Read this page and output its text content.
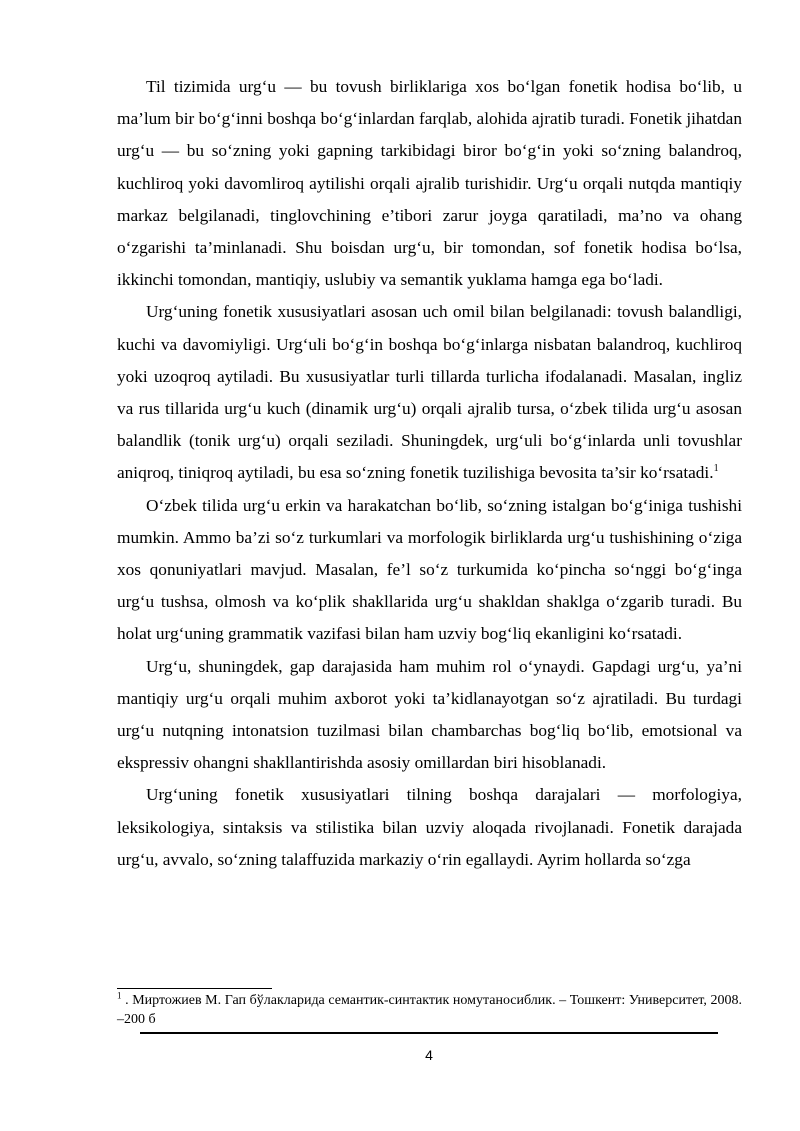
Til tizimida urg‘u — bu tovush birliklariga xos bo‘lgan fonetik hodisa bo‘lib, u ma’lum bir bo‘g‘inni boshqa bo‘g‘inlardan farqlab, alohida ajratib turadi. Fonetik jihatdan urg‘u — bu so‘zning yoki gapning tarkibidagi biror bo‘g‘in yoki so‘zning balandroq, kuchliroq yoki davomliroq aytilishi orqali ajralib turishidir. Urg‘u orqali nutqda mantiqiy markaz belgilanadi, tinglovchining e’tibori zarur joyga qaratiladi, ma’no va ohang o‘zgarishi ta’minlanadi. Shu boisdan urg‘u, bir tomondan, sof fonetik hodisa bo‘lsa, ikkinchi tomondan, mantiqiy, uslubiy va semantik yuklama hamga ega bo‘ladi.

Urg‘uning fonetik xususiyatlari asosan uch omil bilan belgilanadi: tovush balandligi, kuchi va davomiyligi. Urg‘uli bo‘g‘in boshqa bo‘g‘inlarga nisbatan balandroq, kuchliroq yoki uzoqroq aytiladi. Bu xususiyatlar turli tillarda turlicha ifodalanadi. Masalan, ingliz va rus tillarida urg‘u kuch (dinamik urg‘u) orqali ajralib tursa, o‘zbek tilida urg‘u asosan balandlik (tonik urg‘u) orqali seziladi. Shuningdek, urg‘uli bo‘g‘inlarda unli tovushlar aniqroq, tiniqroq aytiladi, bu esa so‘zning fonetik tuzilishiga bevosita ta’sir ko‘rsatadi.$^1$

O‘zbek tilida urg‘u erkin va harakatchan bo‘lib, so‘zning istalgan bo‘g‘iniga tushishi mumkin. Ammo ba’zi so‘z turkumlari va morfologik birliklarda urg‘u tushishining o‘ziga xos qonuniyatlari mavjud. Masalan, fe’l so‘z turkumida ko‘pincha so‘nggi bo‘g‘inga urg‘u tushsa, olmosh va ko‘plik shakllarida urg‘u shakldan shaklga o‘zgarib turadi. Bu holat urg‘uning grammatik vazifasi bilan ham uzviy bog‘liq ekanligini ko‘rsatadi.

Urg‘u, shuningdek, gap darajasida ham muhim rol o‘ynaydi. Gapdagi urg‘u, ya’ni mantiqiy urg‘u orqali muhim axborot yoki ta’kidlanayotgan so‘z ajratiladi. Bu turdagi urg‘u nutqning intonatsion tuzilmasi bilan chambarchas bog‘liq bo‘lib, emotsional va ekspressiv ohangni shakllantirishda asosiy omillardan biri hisoblanadi.

Urg‘uning fonetik xususiyatlari tilning boshqa darajalari — morfologiya, leksikologiya, sintaksis va stilistika bilan uzviy aloqada rivojlanadi. Fonetik darajada urg‘u, avvalo, so‘zning talaffuzida markaziy o‘rin egallaydi. Ayrim hollarda so‘zga

$^1$ . Миртожиев М. Гап бўлакларида семантик-синтактик номутаносиблик. – Тошкент: Университет, 2008. –200 б

4
